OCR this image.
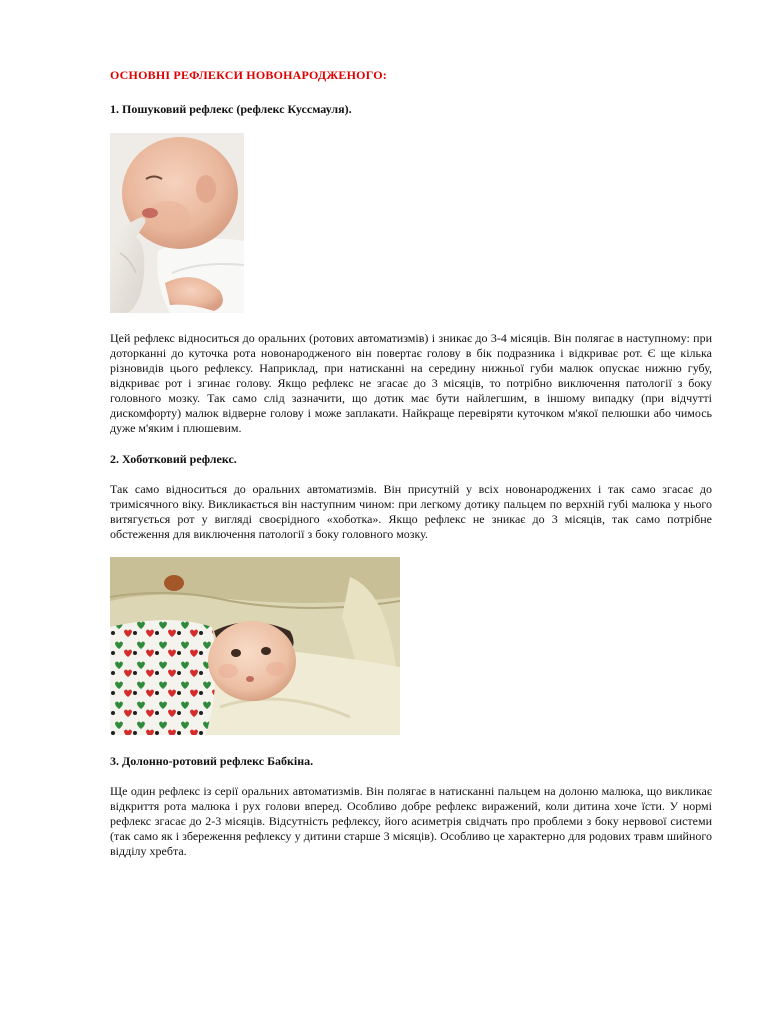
ОСНОВНІ РЕФЛЕКСИ НОВОНАРОДЖЕНОГО:
1. Пошуковий рефлекс (рефлекс Куссмауля).
Цей рефлекс відноситься до оральних (ротових автоматизмів) і зникає до 3-4 місяців. Він полягає в наступному: при доторканні до куточка рота новонародженого він повертає голову в бік подразника і відкриває рот. Є ще кілька різновидів цього рефлексу. Наприклад, при натисканні на середину нижньої губи малюк опускає нижню губу, відкриває рот і згинає голову. Якщо рефлекс не згасає до 3 місяців, то потрібно виключення патології з боку головного мозку. Так само слід зазначити, що дотик має бути найлегшим, в іншому випадку (при відчутті дискомфорту) малюк відверне голову і може заплакати. Найкраще перевіряти куточком м'якої пелюшки або чимось дуже м'яким і плюшевим.
2. Хоботковий рефлекс.
Так само відноситься до оральних автоматизмів. Він присутній у всіх новонароджених і так само згасає до тримісячного віку. Викликається він наступним чином: при легкому дотику пальцем по верхній губі малюка у нього витягується рот у вигляді своєрідного «хоботка». Якщо рефлекс не зникає до 3 місяців, так само потрібне обстеження для виключення патології з боку головного мозку.
3. Долонно-ротовий рефлекс Бабкіна.
Ще один рефлекс із серії оральних автоматизмів. Він полягає в натисканні пальцем на долоню малюка, що викликає відкриття рота малюка і рух голови вперед. Особливо добре рефлекс виражений, коли дитина хоче їсти. У нормі рефлекс згасає до 2-3 місяців. Відсутність рефлексу, його асиметрія свідчать про проблеми з боку нервової системи (так само як і збереження рефлексу у дитини старше 3 місяців). Особливо це характерно для родових травм шийного відділу хребта.
